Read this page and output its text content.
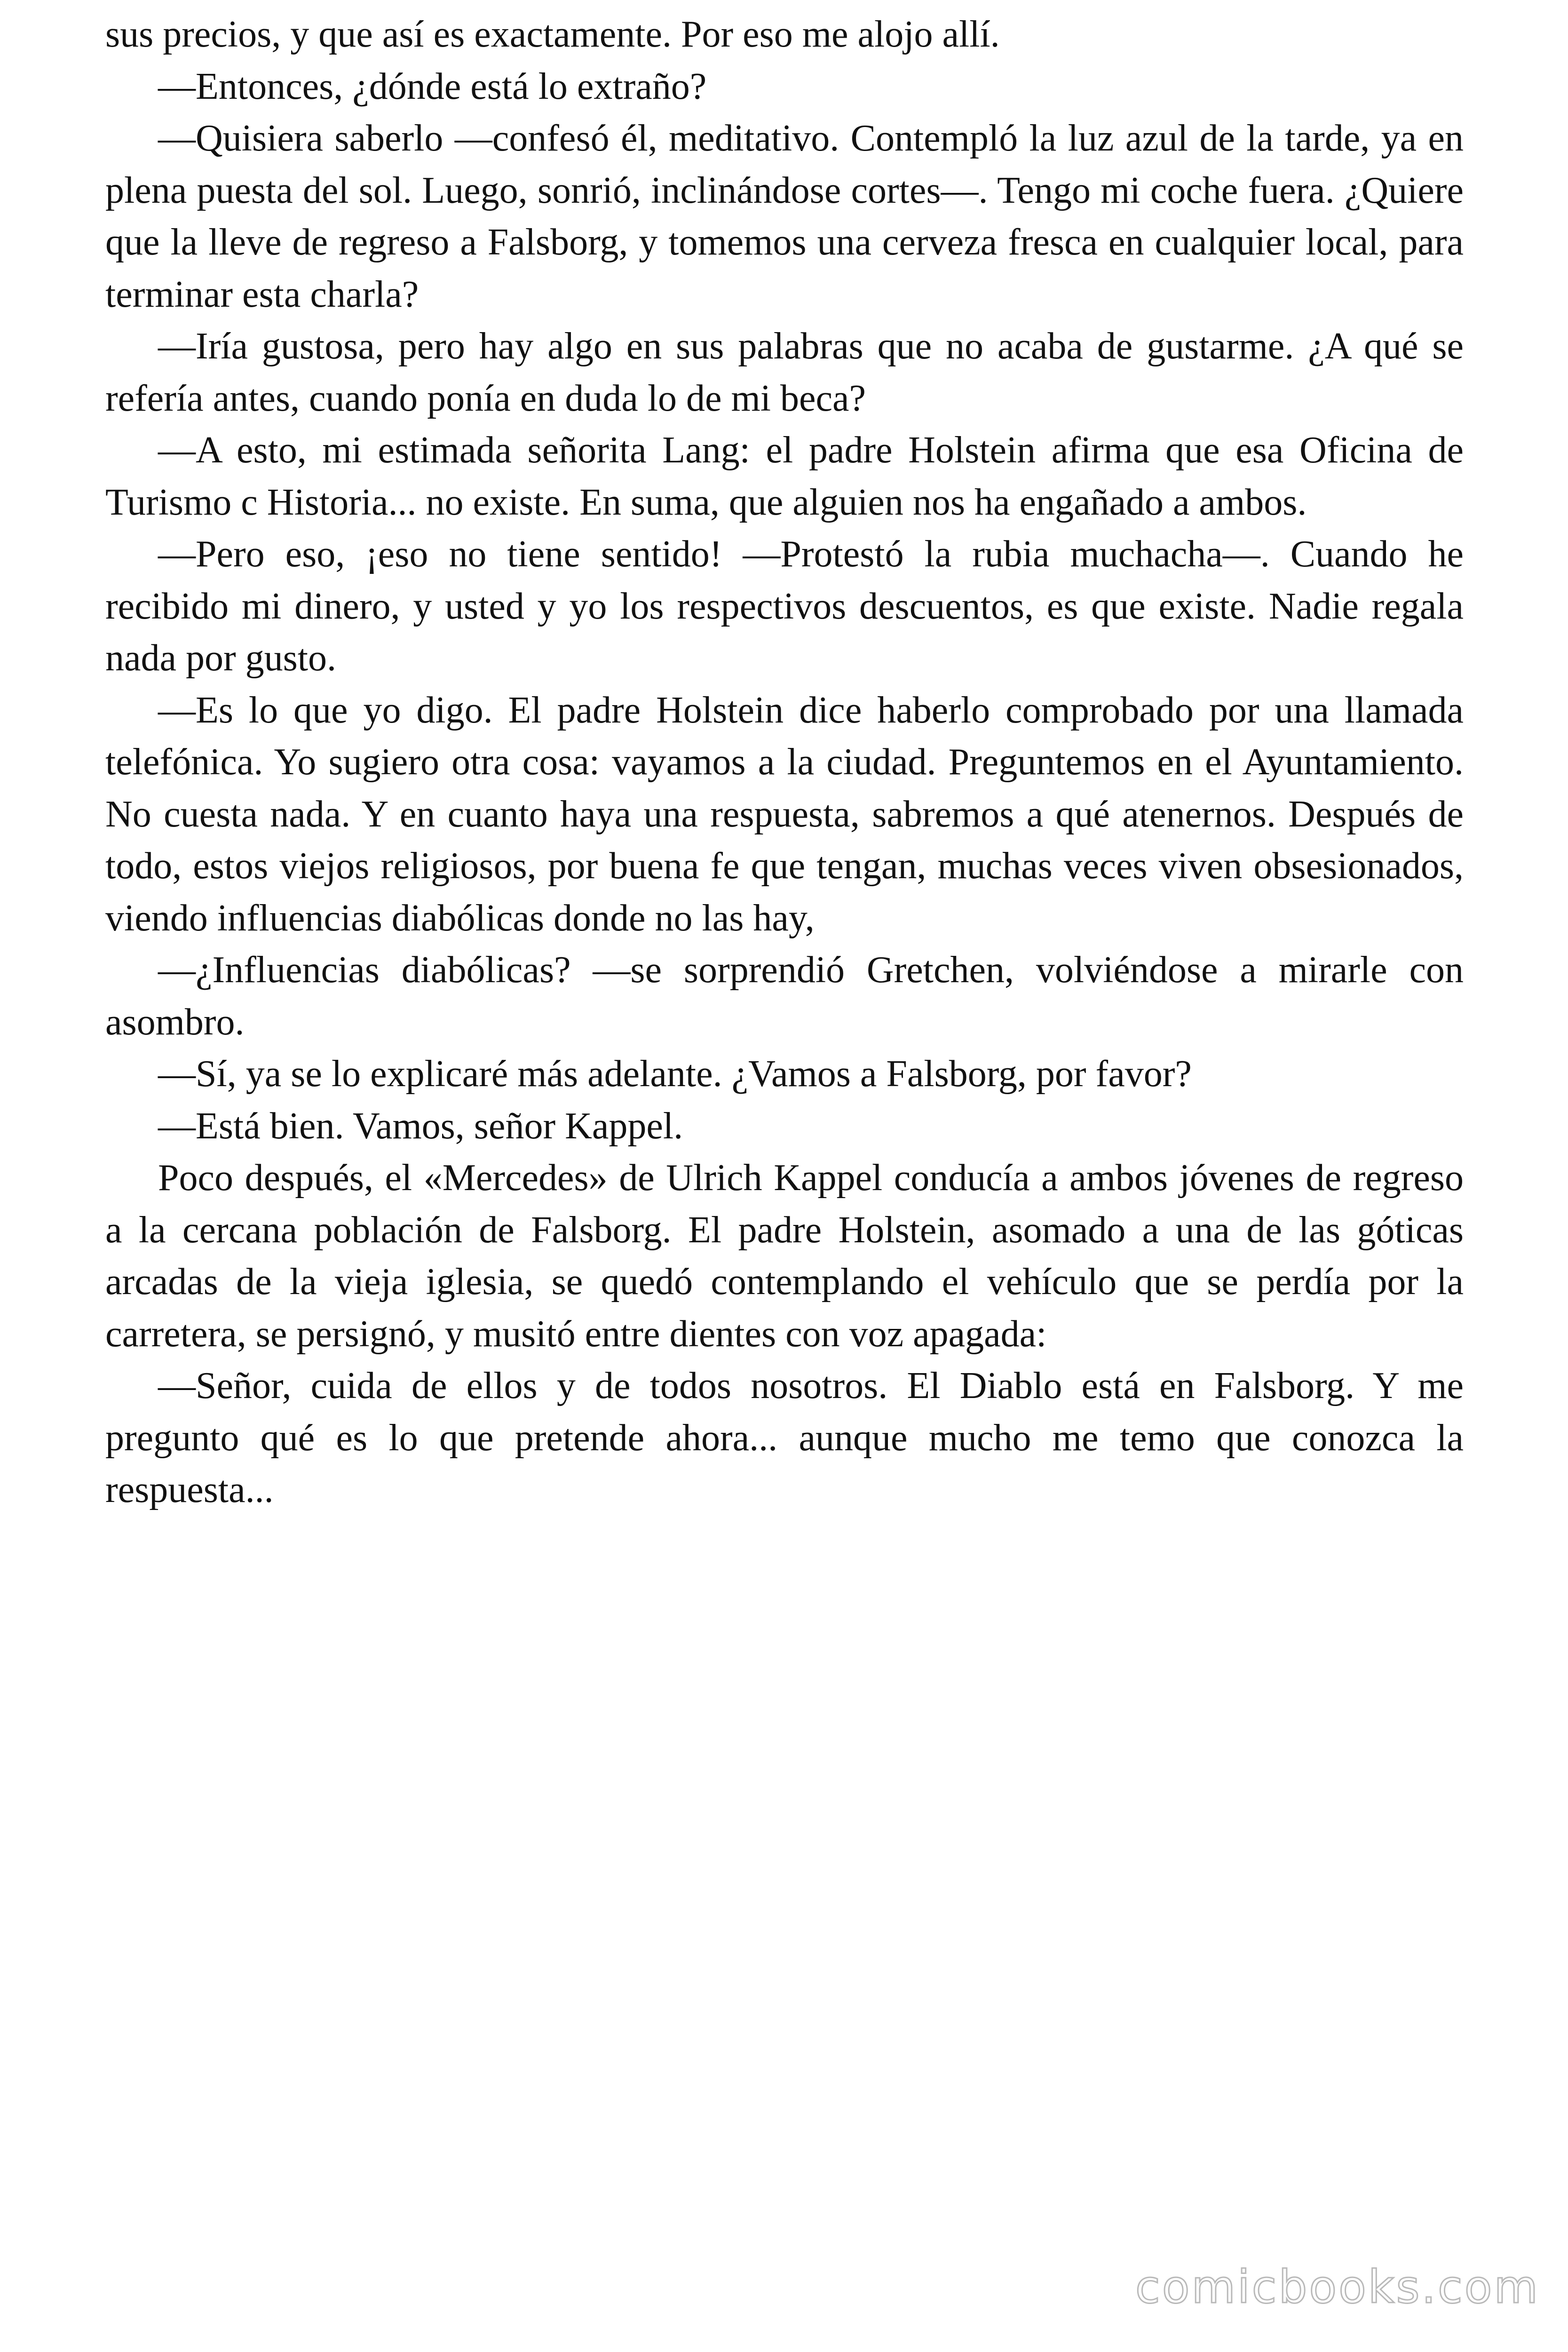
sus precios, y que así es exactamente. Por eso me alojo allí.

—Entonces, ¿dónde está lo extraño?

—Quisiera saberlo —confesó él, meditativo. Contempló la luz azul de la tarde, ya en plena puesta del sol. Luego, sonrió, inclinándose cortes—. Tengo mi coche fuera. ¿Quiere que la lleve de regreso a Falsborg, y tomemos una cerveza fresca en cualquier local, para terminar esta charla?

—Iría gustosa, pero hay algo en sus palabras que no acaba de gustarme. ¿A qué se refería antes, cuando ponía en duda lo de mi beca?

—A esto, mi estimada señorita Lang: el padre Holstein afirma que esa Oficina de Turismo c Historia... no existe. En suma, que alguien nos ha engañado a ambos.

—Pero eso, ¡eso no tiene sentido! —Protestó la rubia muchacha—. Cuando he recibido mi dinero, y usted y yo los respectivos descuentos, es que existe. Nadie regala nada por gusto.

—Es lo que yo digo. El padre Holstein dice haberlo comprobado por una llamada telefónica. Yo sugiero otra cosa: vayamos a la ciudad. Preguntemos en el Ayuntamiento. No cuesta nada. Y en cuanto haya una respuesta, sabremos a qué atenernos. Después de todo, estos viejos religiosos, por buena fe que tengan, muchas veces viven obsesionados, viendo influencias diabólicas donde no las hay,

—¿Influencias diabólicas? —se sorprendió Gretchen, volviéndose a mirarle con asombro.

—Sí, ya se lo explicaré más adelante. ¿Vamos a Falsborg, por favor?

—Está bien. Vamos, señor Kappel.

Poco después, el «Mercedes» de Ulrich Kappel conducía a ambos jóvenes de regreso a la cercana población de Falsborg. El padre Holstein, asomado a una de las góticas arcadas de la vieja iglesia, se quedó contemplando el vehículo que se perdía por la carretera, se persignó, y musitó entre dientes con voz apagada:

—Señor, cuida de ellos y de todos nosotros. El Diablo está en Falsborg. Y me pregunto qué es lo que pretende ahora... aunque mucho me temo que conozca la respuesta...

comicbooks.com
